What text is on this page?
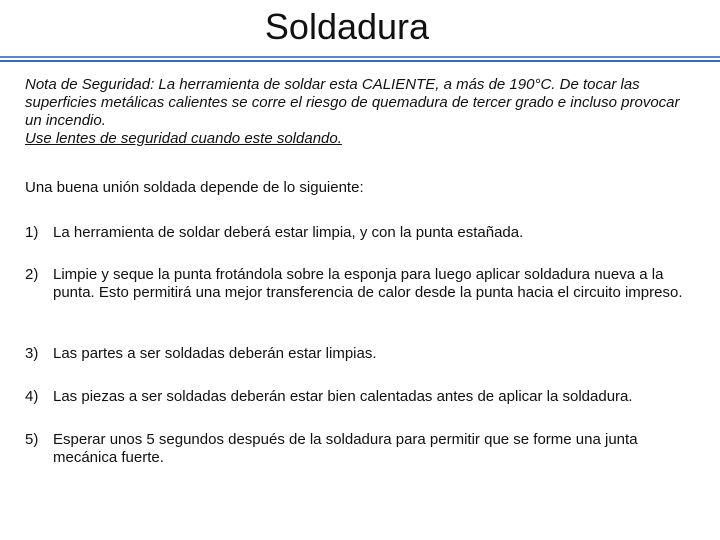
Soldadura
Nota de Seguridad: La herramienta de soldar esta CALIENTE, a más de 190°C. De tocar las superficies metálicas calientes se corre el riesgo de quemadura de tercer grado e incluso provocar un incendio.
Use lentes de seguridad cuando este soldando.
Una buena unión soldada depende de lo siguiente:
1) La herramienta de soldar deberá estar limpia, y con la punta estañada.
2) Limpie y seque la punta frotándola sobre la esponja para luego aplicar soldadura nueva a la punta. Esto permitirá una mejor transferencia de calor desde la punta hacia el circuito impreso.
3) Las partes a ser soldadas deberán estar limpias.
4) Las piezas a ser soldadas deberán estar bien calentadas antes de aplicar la soldadura.
5) Esperar unos 5 segundos después de la soldadura para permitir que se forme una junta mecánica fuerte.
